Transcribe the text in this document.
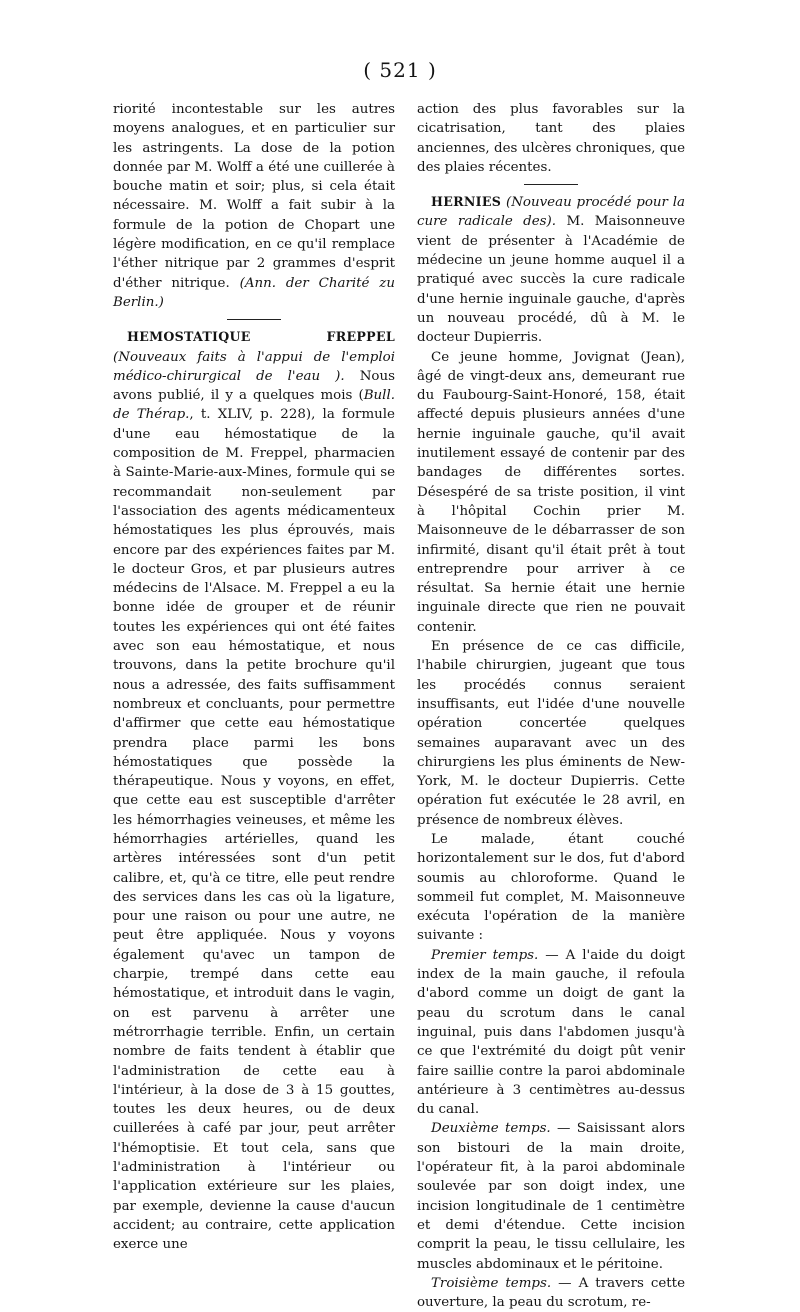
( 521 )

riorité incontestable sur les autres moyens analogues, et en particulier sur les astringents. La dose de la potion donnée par M. Wolff a été une cuillerée à bouche matin et soir; plus, si cela était nécessaire. M. Wolff a fait subir à la formule de la potion de Chopart une légère modification, en ce qu'il remplace l'éther nitrique par 2 grammes d'esprit d'éther nitrique. (Ann. der Charité zu Berlin.)

HEMOSTATIQUE FREPPEL (Nouveaux faits à l'appui de l'emploi médico-chirurgical de l'eau ). Nous avons publié, il y a quelques mois (Bull. de Thérap., t. XLIV, p. 228), la formule d'une eau hémostatique de la composition de M. Freppel, pharmacien à Sainte-Marie-aux-Mines, formule qui se recommandait non-seulement par l'association des agents médicamenteux hémostatiques les plus éprouvés, mais encore par des expériences faites par M. le docteur Gros, et par plusieurs autres médecins de l'Alsace. M. Freppel a eu la bonne idée de grouper et de réunir toutes les expériences qui ont été faites avec son eau hémostatique, et nous trouvons, dans la petite brochure qu'il nous a adressée, des faits suffisamment nombreux et concluants, pour permettre d'affirmer que cette eau hémostatique prendra place parmi les bons hémostatiques que possède la thérapeutique. Nous y voyons, en effet, que cette eau est susceptible d'arrêter les hémorrhagies veineuses, et même les hémorrhagies artérielles, quand les artères intéressées sont d'un petit calibre, et, qu'à ce titre, elle peut rendre des services dans les cas où la ligature, pour une raison ou pour une autre, ne peut être appliquée. Nous y voyons également qu'avec un tampon de charpie, trempé dans cette eau hémostatique, et introduit dans le vagin, on est parvenu à arrêter une métrorrhagie terrible. Enfin, un certain nombre de faits tendent à établir que l'administration de cette eau à l'intérieur, à la dose de 3 à 15 gouttes, toutes les deux heures, ou de deux cuillerées à café par jour, peut arrêter l'hémoptisie. Et tout cela, sans que l'administration à l'intérieur ou l'application extérieure sur les plaies, par exemple, devienne la cause d'aucun accident; au contraire, cette application exerce une

action des plus favorables sur la cicatrisation, tant des plaies anciennes, des ulcères chroniques, que des plaies récentes.

HERNIES (Nouveau procédé pour la cure radicale des). M. Maisonneuve vient de présenter à l'Académie de médecine un jeune homme auquel il a pratiqué avec succès la cure radicale d'une hernie inguinale gauche, d'après un nouveau procédé, dû à M. le docteur Dupierris.

Ce jeune homme, Jovignat (Jean), âgé de vingt-deux ans, demeurant rue du Faubourg-Saint-Honoré, 158, était affecté depuis plusieurs années d'une hernie inguinale gauche, qu'il avait inutilement essayé de contenir par des bandages de différentes sortes. Désespéré de sa triste position, il vint à l'hôpital Cochin prier M. Maisonneuve de le débarrasser de son infirmité, disant qu'il était prêt à tout entreprendre pour arriver à ce résultat. Sa hernie était une hernie inguinale directe que rien ne pouvait contenir.

En présence de ce cas difficile, l'habile chirurgien, jugeant que tous les procédés connus seraient insuffisants, eut l'idée d'une nouvelle opération concertée quelques semaines auparavant avec un des chirurgiens les plus éminents de New-York, M. le docteur Dupierris. Cette opération fut exécutée le 28 avril, en présence de nombreux élèves.

Le malade, étant couché horizontalement sur le dos, fut d'abord soumis au chloroforme. Quand le sommeil fut complet, M. Maisonneuve exécuta l'opération de la manière suivante :

Premier temps. — A l'aide du doigt index de la main gauche, il refoula d'abord comme un doigt de gant la peau du scrotum dans le canal inguinal, puis dans l'abdomen jusqu'à ce que l'extrémité du doigt pût venir faire saillie contre la paroi abdominale antérieure à 3 centimètres au-dessus du canal.

Deuxième temps. — Saisissant alors son bistouri de la main droite, l'opérateur fit, à la paroi abdominale soulevée par son doigt index, une incision longitudinale de 1 centimètre et demi d'étendue. Cette incision comprit la peau, le tissu cellulaire, les muscles abdominaux et le péritoine.

Troisième temps. — A travers cette ouverture, la peau du scrotum, re-
